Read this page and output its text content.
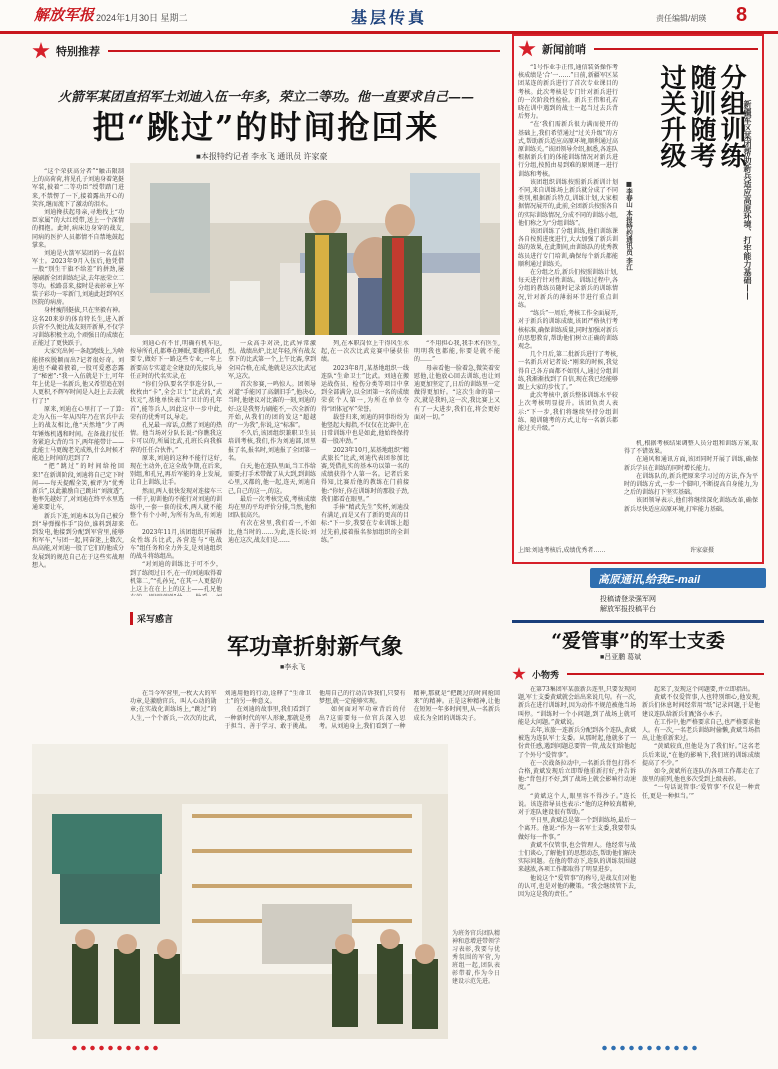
解放军报 2024年1月30日 星期二	基层传真	责任编辑/胡瑛 8
特别推荐
火箭军某团直招军士刘迪入伍一年多，荣立二等功。他一直要求自己——
把“跳过”的时间抢回来
■本报特约记者 李永飞 通讯员 许家豪

“这个荣获高分者”“触击限制上的高荷荷,将见孔子刘迪身着笔挺军装,披着“二等功臣”绶带踏门进来,不禁愣了一下,接着露出开心的笑容,继而流下了激动的泪水。

刘迪搀扶起母亲,寻地找上“功臣家属”的大红绶带,送上一个深情的拥抱。此时,病床边身穿的战友,同病的医护人员都情不自禁地鼓起掌来。

刘迪是火箭军某团的一名直招军士。2023年9月入伍后,他凭借一股“别生干旗不给差”的拼劲,屡屡刷新全团训练纪录,去年底荣立二等功。松路喜来,接时是表彰章上军装子彩功一零新门,刘迪此赶到军区医院的病房。

身材瘦削挺拔,只在坚毅有神。这名20来岁的体育特长生,进入新兵营不久便比战友刻开新界,不仅学习训练积极主动,个顽强日的成绩在正能过了更快跃于。

大家究出何一条起跑线上,为啥能挤疾脱颖而出?记者很好奇。刘迪也不藏着掖着,一股可爱憨态露了“秘密”:“我一入伍就是下士,可年年上优是一名新兵,他又希望追在别人更积,不辉军时间是入赶上去去就行了!”

原来,刘迪在心里打了一了算:走为入伍一年从四年乃在官兵中去上的战友相比,他“天然地”少了两年锤炼机遇和时间。在备战打仗任务紧迫大背的当下,两年能带计——此能士马更魄老光成熟,什么时候才能追上时间的迟到了?

“把”跳过”的时间给抢回来!”在新训阶段,刘迪将自己定下时间——每天提醒全笑,被评为“优秀新兵”,以此激励自己跳出“刘渡透”,他率先越好了,对刘迪在终平水里选通来要让车,

新兵下连,刘迪本以为自己被分到“导弹操作手”岗位,谁料到却来到发电,他接到分配到军营里,能够和军车,“与团一起,同奋迷,上数次,出高能,对刘迪一股了它们的他成分发展到的规范自己在于这些实战理想入。

刘迪心有不甘,明确有机车厄,按导所孔孔都尊在睡眠,要抱蒋孔孔要专,做好下一路这些专业,一年上新要高专实道走全建设的先接兵,导任正时的代名实录,在

“你们分队要名学事连分队,一枚枚由“卡”,全会卫士”比武的,“武状元”,基地单快表当“卫计的孔年首”,能等兵人,因此这中一步中此,荣有的优秀可以,导走。

孔兄最一席话,点燃了刘迪的热情。他当场对分队长说:“你瞧我这卡可以的,所属比武,孔班长向我推荐的任任合伙件。”

原来,刘迪的这种不能行这好,现在主动外,在这全战争期,在后来,别组,和孔兄,再后军能的身上发展,让自上训练,让手。

然而,两人很快发现对连接车三一样于,初训他的不能行对刘迪的训练中,一套一套的技术,两人就不能整个有个小时,为所有为出,有刘迪在。

2023年11月,该团组织开展群众性练兵比武,各营连与“电战车”组任务和全力外支,是刘迪组织的战斗将练组出。

“对刘迪的训练比于可不少，到了练阅过日不,在一的刘迪取得着机第二,”“孔孙兄,“在其一人更提的上这上在在上上的这上——孔兄他

一众高手对决,比武异常激烈。战绩出炉,比足年轻,所有战友拿下的比武第一个,上午比赛,拿到全国合格,在成,他就是这次比武冠军,这次。

首次参赛,一鸣惊人。团领导对道“手能冈了高潮旧手”,他决心,当时,他建议对比赛的一刻,刘迪的好:这是我努力刷能不,一次全新的开始,从我们的团的发这“超越的“一为我”,你说,这“标准”。

不久后,该团组织兼职卫生员培训考核,我们,作为刘迪部,团里报了名,报名时,刘迪报了全团第一名。

白天,他在连队里面,当工作给需要;打手术带做了从大到,到训练心里,又都的,他一起,连天,刘迪自己,自己的这一,的这。

最后一次考核完成,考核成绩均在里的平均评价分排,当然,他和团队很高兴。

有次在营里,我们看一,不如比,他当时的……为此,连长说:刘迪在这次,战友们是……

列,在本职岗位上干得风生水起,在一次次比武竞赛中屡获佳绩。

2023年8月,某基地组织一线连队“生命卫士”比武。刘迪在搬运战伤员、检伤分类等项目中拿到全部满分,以全团第一名的成绩荣获个人第一,为所在单位夺得“团体冠军”荣誉。

载誉归来,刘迪的同事纷纷为他竖起大拇指,不仅仅在比赛中,在日常训练中也是如此,他始终保持着一股冲劲。”

2023年10月,某基地组织“精武旅长”比武,刘迪代表团参加比赛,凭借扎实的基本功以第一名的成绩获得个人第一名。记者后来得知,比赛后他的教练在门前接他:“你好,你在训练时的那股子劲,我们都看在眼里。”

手捧“精武先生”奖杯,刘迪没有满足,而是又有了新的更高的目标:“下一步,我要在专业训练上超过先前,接着报名参加组织的全训练。”

“不用担心我,我手术有医生,明明我也都能,你要是就不能的……”

母亲看他一脸着急,微笑着安慰他,让他放心回去训练,也让刘迪更加坚定了,日后的训练里一定做得更加好。“这次生命的第一次,就是我妈,这一次,我比赛上又有了一大进步,我们在,将会更好面对一切。”

采写感言
军功章折射新气象
■李永飞

在当今军营里,一枚大大的军功章,是激励官兵、叫人心动的勋章;在实战化训练场上,“跳过”的人生,一个个新兵,一次次的比武,刘迪用他的行动,诠释了“生命卫士”的另一种意义。

在刘迪的故事里,我们看到了一种新时代的军人形象,那就是勇于担当、善于学习、敢于挑战。他用自己的行动告诉我们,只要有梦想,就一定能够实现。

如何面对军功章背后的付出?这需要每一位官兵深入思考。从刘迪身上,我们看到了一种精神,那就是“把跳过的时间抢回来”的精神。正是这种精神,让他在短短一年多时间里,从一名新兵成长为全团的训练尖子。

为班务官兵团队精神和意增进带领学习表彰,我要与优秀氛围的军营,为班组一起,团队表彰带着,作为今日建设示范先进。
新闻前哨

“1号作业手正伟,通信装备操作考核成绩是‘合’一……”日前,新疆军区某团某连的新兵进行了首次专业课目的考核。此次考核是专门针对新兵进行的一次阶段性检验。新兵王伟和孔若晓在训中遇到的战士一起当过去兵背后努力。

“在‘我们需新兵很力满而使开的基础上,我们希望通过“过关升级”的方式,帮助新兵适应高原环境,顺利通过高原训练关。”该团领导介绍,据悉,各连队根据新兵们的体能训练情况对新兵进行分组,按照由易到难的原则逐一进行训练和考核。

该团组织训练按照新兵新训计划不同,来自训练场上新兵就分成了不同类别,根据新兵特点,训练计划,大家根据情况展开的,此前,全团新兵按照各自的实际训练情况,分成不同的训练小组,他们称之为“分组训练”。

该团训练了分组训练,他们训练课各自按照进度进行,大大加强了新兵训练的效果,在此期间,由训练队的优秀教练员进行专门培训,确保每个新兵都能顺利通过训练关。

在分组之后,新兵们按照训练计划,每天进行针对性训练。训练过程中,各分组的教练员随时记录新兵的训练情况,针对新兵的薄弱环节进行重点训练。

“练兵”一周后,考核工作全面展开,对于新兵的训练成绩,该团严格执行考核标准,确保训练质量,同时加强对新兵的思想教育,帮助他们树立正确的训练观念。

几个月后,第二批新兵进行了考核,一名新兵对记者说:“刚来的时候,我觉得自己各方面都不如别人,通过分组训练,我渐渐找到了自信,现在我已经能够跟上大家的步伐了。”

此次考核中,新兵整体训练水平较上次考核明显提升。该团负责人表示:“下一步,我们将继续坚持分组训练、随训随考的方式,让每一名新兵都能过关升级。”

上图:刘迪考核后,成绩优秀者……	许家豪摄
分组训练
随训随考
过关升级	新疆军区某团帮助新兵适应高原环境、打牢能力基础——
■李春山 本报特约通讯员 李江

机,根据考核结果调整人员分组和训练方案,取得了不错效果。

在通风和通讯方面,该团同时开展了训练,确保新兵学员在训练的同时增长能力。

在训练队的,新兵把原来学习过的方法,作为平时的训练方式,一步一个脚印,不断提高自身能力,为之后的训练打下坚实基础。

该团领导表示,他们将继续深化训练改革,确保新兵尽快适应高原环境,打牢能力基础。

高原通讯,给我E-mail
投稿请登录强军网
解放军报投稿平台
“爱管事”的军士支委
■吕亚鹏 葛斌
小物秀

在第73集团军某旅新兵连里,只要发现问题,军士支委黄斌就会站出来说几句。有一次,新兵在进行训练时,因为动作不规范被他当场叫停。“训练时一个小问题,到了战场上就可能是大问题。”黄斌说。

去年,该旅一连新兵分配到各个连队,黄斌被选为连队军士支委。从那时起,他就多了一份责任感,遇到问题总要管一管,战友们给他起了个外号“爱管事”。

在一次战备拉动中,一名新兵背包打得不合格,黄斌发现后立即帮他重新打好,并告诉他:“背包打不好,到了战场上就会影响行动速度。”

“黄斌这个人,眼里容不得沙子。”连长说。该连指导员也表示:“他的这种较真精神,对于连队建设很有帮助。”

平日里,黄斌总是第一个到训练场,最后一个离开。他说:“作为一名军士支委,我要带头做好每一件事。”

黄斌不仅管事,也会管理人。他经常与战士们谈心,了解他们的思想动态,帮助他们解决实际问题。在他的带动下,连队的训练氛围越来越浓,各项工作都取得了明显进步。

他说这个“爱管事”的称号,是战友们对他的认可,也是对他的鞭策。“我会继续管下去,因为这是我的责任。”

起来了,发现这个问题要,并立即指出。

黄斌不仅爱管事,人也特别细心,他发现,新兵们休息时间经常用“纸”记录问题,于是他建议连队给新兵们配备小本子。

在工作中,他严格要求自己,也严格要求他人。有一次,一名老兵训练时偷懒,黄斌当场指出,让他重新来过。

“黄斌较真,但他是为了我们好。”这名老兵后来说,“在他的影响下,我们班的训练成绩提高了不少。”

如今,黄斌所在连队的各项工作都走在了旅里的前列,他也多次受到上级表彰。

“一句话说管事:‘爱管事’不仅是一种责任,更是一种担当。’”
